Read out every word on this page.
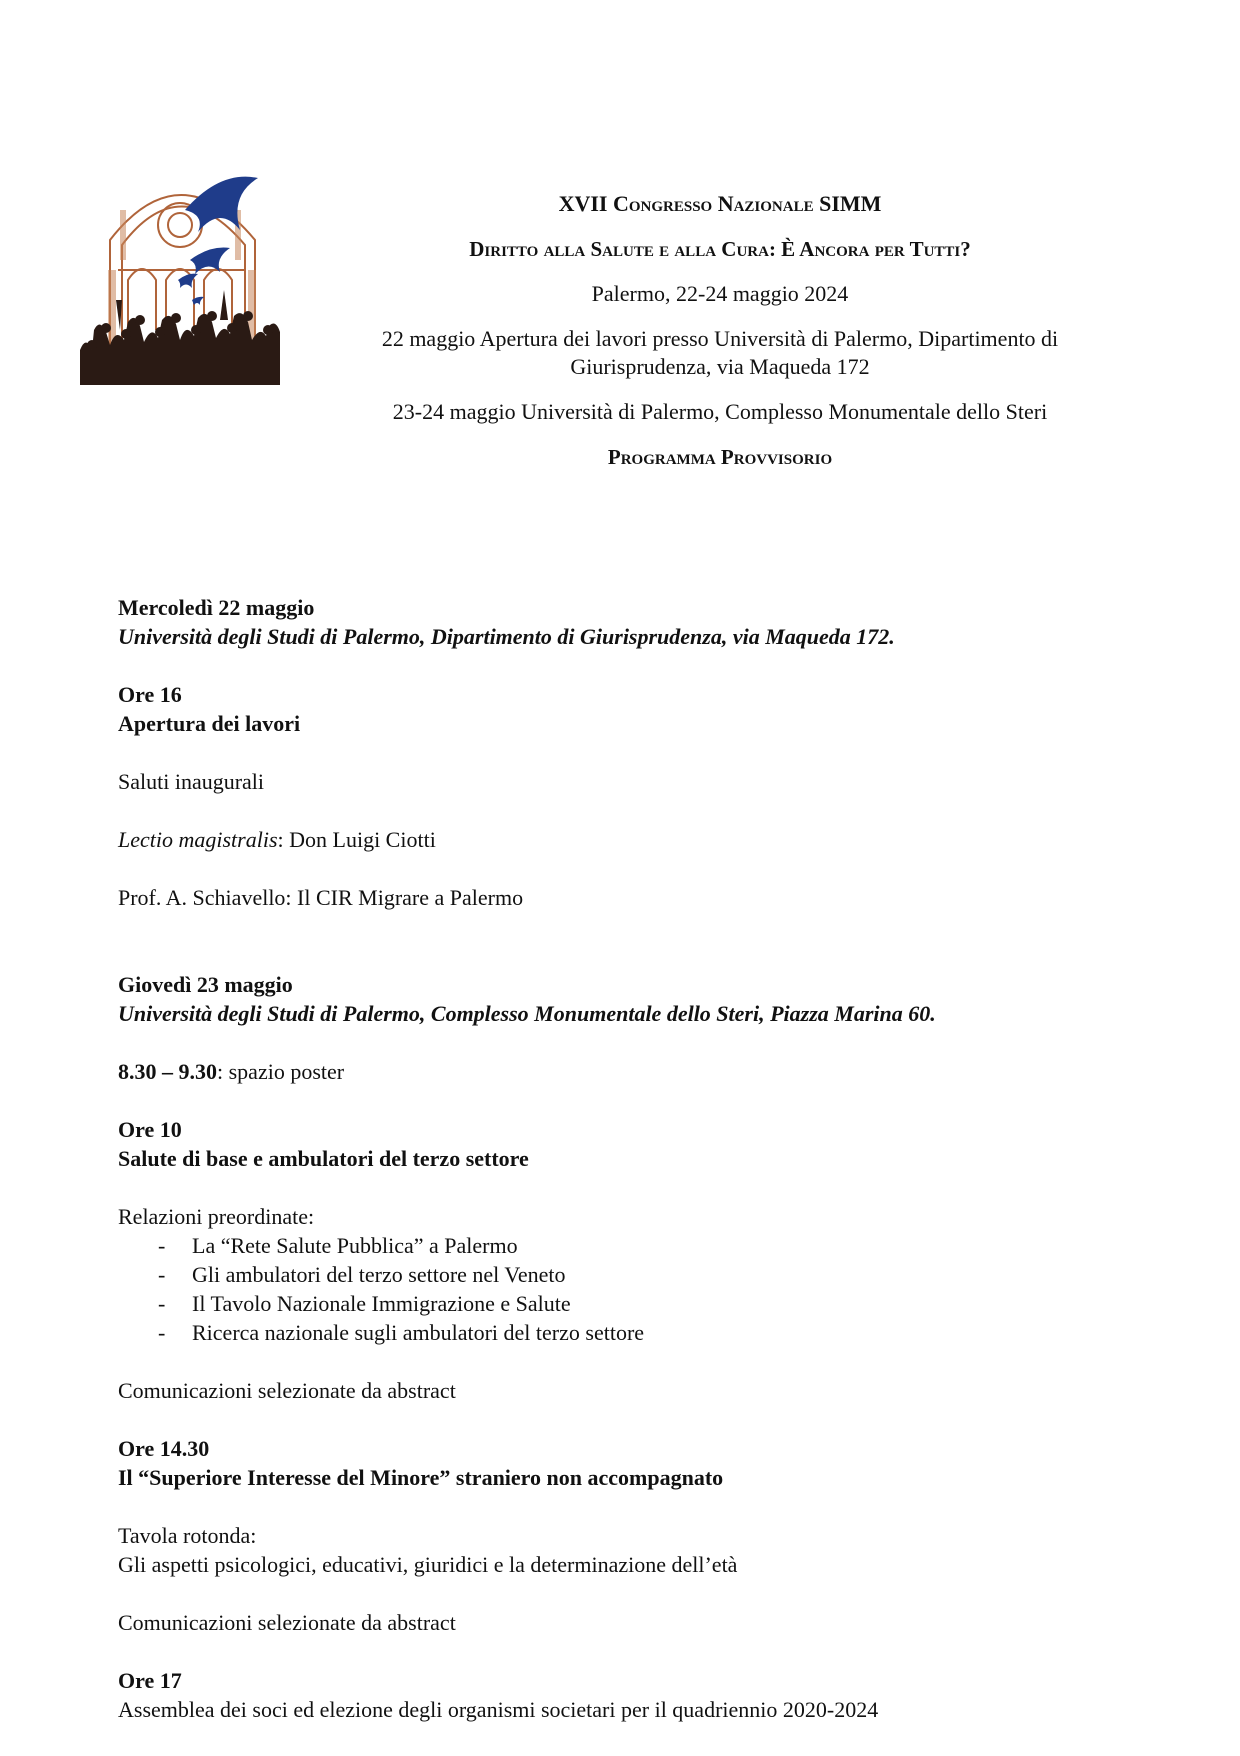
XVII Congresso Nazionale SIMM
Diritto alla Salute e alla Cura: È Ancora per Tutti?
Palermo, 22-24 maggio 2024
22 maggio Apertura dei lavori presso Università di Palermo, Dipartimento di Giurisprudenza, via Maqueda 172
23-24 maggio Università di Palermo, Complesso Monumentale dello Steri
Programma Provvisorio

Mercoledì 22 maggio

Università degli Studi di Palermo, Dipartimento di Giurisprudenza, via Maqueda 172.

Ore 16

Apertura dei lavori

Saluti inaugurali

Lectio magistralis: Don Luigi Ciotti

Prof. A. Schiavello: Il CIR Migrare a Palermo

Giovedì 23 maggio

Università degli Studi di Palermo, Complesso Monumentale dello Steri, Piazza Marina 60.

8.30 – 9.30: spazio poster

Ore 10

Salute di base e ambulatori del terzo settore

Relazioni preordinate:

- La “Rete Salute Pubblica” a Palermo
- Gli ambulatori del terzo settore nel Veneto
- Il Tavolo Nazionale Immigrazione e Salute
- Ricerca nazionale sugli ambulatori del terzo settore

Comunicazioni selezionate da abstract

Ore 14.30

Il “Superiore Interesse del Minore” straniero non accompagnato

Tavola rotonda:

Gli aspetti psicologici, educativi, giuridici e la determinazione dell’età

Comunicazioni selezionate da abstract

Ore 17

Assemblea dei soci ed elezione degli organismi societari per il quadriennio 2020-2024
